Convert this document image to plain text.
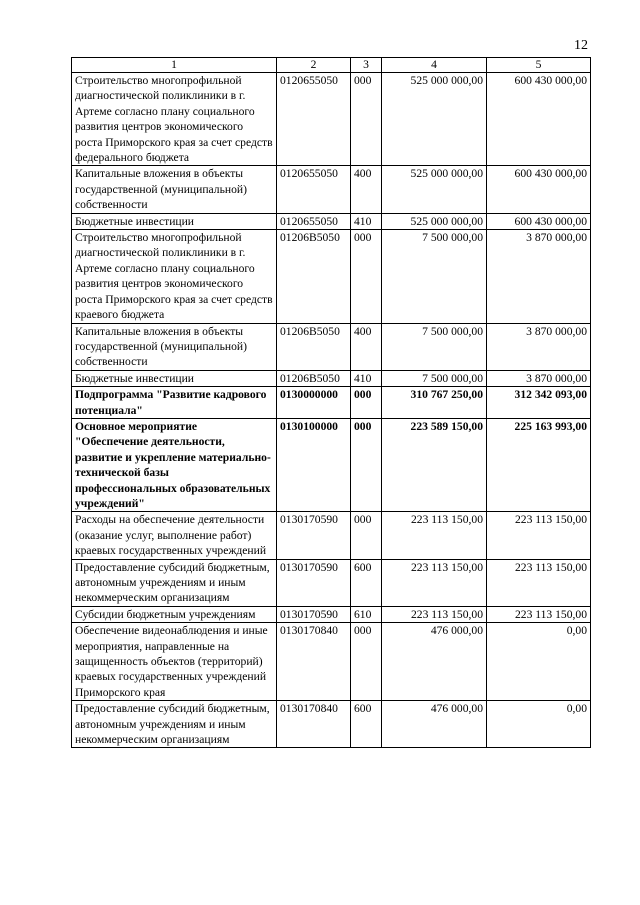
12
1	2	3	4	5
Строительство многопрофильной диагностической поликлиники в г. Артеме согласно плану социального развития центров экономического роста Приморского края за счет средств федерального бюджета	0120655050	000	525 000 000,00	600 430 000,00
Капитальные вложения в объекты государственной (муниципальной) собственности	0120655050	400	525 000 000,00	600 430 000,00
Бюджетные инвестиции	0120655050	410	525 000 000,00	600 430 000,00
Строительство многопрофильной диагностической поликлиники в г. Артеме согласно плану социального развития центров экономического роста Приморского края за счет средств краевого бюджета	01206B5050	000	7 500 000,00	3 870 000,00
Капитальные вложения в объекты государственной (муниципальной) собственности	01206B5050	400	7 500 000,00	3 870 000,00
Бюджетные инвестиции	01206B5050	410	7 500 000,00	3 870 000,00
Подпрограмма "Развитие кадрового потенциала"	0130000000	000	310 767 250,00	312 342 093,00
Основное мероприятие "Обеспечение деятельности, развитие и укрепление материально-технической базы профессиональных образовательных учреждений"	0130100000	000	223 589 150,00	225 163 993,00
Расходы на обеспечение деятельности (оказание услуг, выполнение работ) краевых государственных учреждений	0130170590	000	223 113 150,00	223 113 150,00
Предоставление субсидий бюджетным, автономным учреждениям и иным некоммерческим организациям	0130170590	600	223 113 150,00	223 113 150,00
Субсидии бюджетным учреждениям	0130170590	610	223 113 150,00	223 113 150,00
Обеспечение видеонаблюдения и иные мероприятия, направленные на защищенность объектов (территорий) краевых государственных учреждений Приморского края	0130170840	000	476 000,00	0,00
Предоставление субсидий бюджетным, автономным учреждениям и иным некоммерческим организациям	0130170840	600	476 000,00	0,00
